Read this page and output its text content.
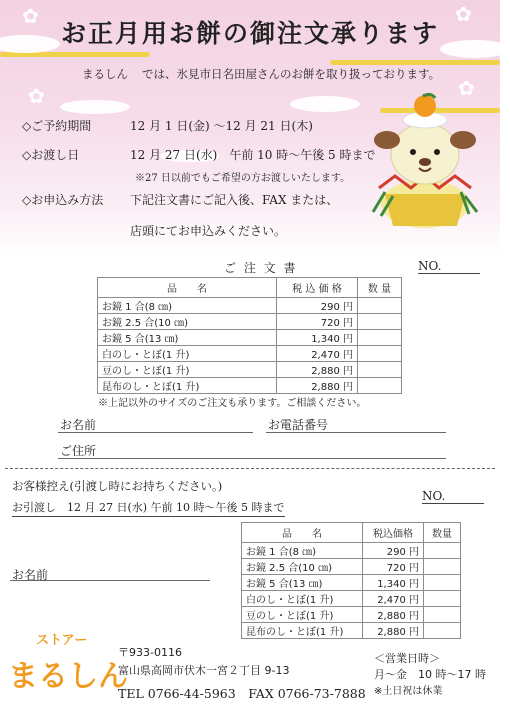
✿	✿
✿	✿
お正月用お餅の御注文承ります
まるしん では、氷見市日名田屋さんのお餅を取り扱っております。
◇ご予約期間	12 月 1 日(金) 〜12 月 21 日(木)
◇お渡し日	12 月 27 日(水)　午前 10 時〜午後 5 時まで
※27 日以前でもご希望の方お渡しいたします。
◇お申込み方法 下記注文書にご記入後、FAX または、
店頭にてお申込みください。
ご 注 文 書	NO.
品　　名	税 込 価 格	数 量
お鏡 1 合(8 ㎝)	290 円	
お鏡 2.5 合(10 ㎝)	720 円	
お鏡 5 合(13 ㎝)	1,340 円	
白のし・とぼ(1 升)	2,470 円	
豆のし・とぼ(1 升)	2,880 円	
昆布のし・とぼ(1 升)	2,880 円	
※上記以外のサイズのご注文も承ります。ご相談ください。
お名前	お電話番号
ご住所
お客様控え(引渡し時にお持ちください。)
NO.
お引渡し　12 月 27 日(水) 午前 10 時〜午後 5 時まで
品　　名	税込価格	数量
お鏡 1 合(8 ㎝)	290 円	
お鏡 2.5 合(10 ㎝)	720 円	
お鏡 5 合(13 ㎝)	1,340 円	
白のし・とぼ(1 升)	2,470 円	
豆のし・とぼ(1 升)	2,880 円	
昆布のし・とぼ(1 升)	2,880 円	
お名前
ストアー
まるしん
〒933-0116
富山県高岡市伏木一宮２丁目 9-13
TEL 0766-44-5963　FAX 0766-73-7888
＜営業日時＞
月〜金　10 時〜17 時
※土日祝は休業
